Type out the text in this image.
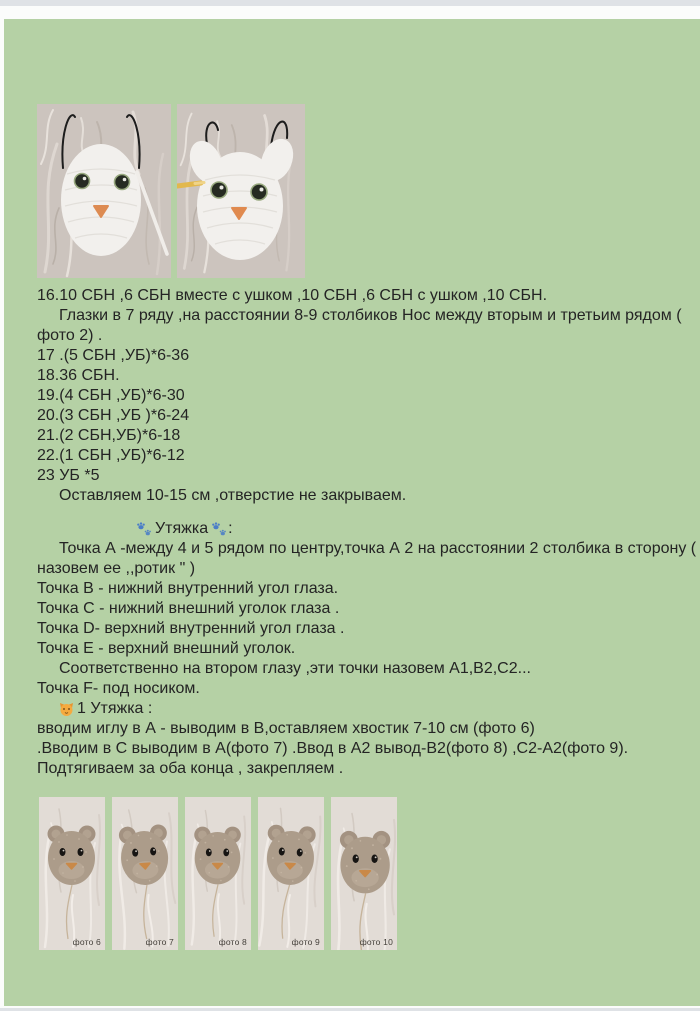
16.10 СБН ,6 СБН вместе с ушком ,10 СБН ,6 СБН с ушком ,10 СБН.
Глазки в 7 ряду ,на расстоянии 8-9 столбиков Нос между вторым и третьим рядом (
фото 2) .
17 .(5 СБН ,УБ)*6-36
18.36 СБН.
19.(4 СБН ,УБ)*6-30
20.(3 СБН ,УБ )*6-24
21.(2 СБН,УБ)*6-18
22.(1 СБН ,УБ)*6-12
23 УБ *5
Оставляем 10-15 см ,отверстие не закрываем.
Утяжка :
Точка А -между 4 и 5 рядом по центру,точка А 2 на расстоянии 2 столбика в сторону (
назовем ее ,,ротик " )
Точка В - нижний внутренний угол глаза.
Точка С - нижний внешний уголок глаза .
Точка D- верхний внутренний угол глаза .
Точка Е - верхний внешний уголок.
Соответственно на втором глазу ,эти точки назовем А1,В2,С2...
Точка F- под носиком.
1 Утяжка :
вводим иглу в А - выводим в В,оставляем хвостик 7-10 см (фото 6)
.Вводим в С выводим в А(фото 7) .Ввод в А2 вывод-В2(фото 8) ,С2-А2(фото 9).
Подтягиваем за оба конца , закрепляем .
фото 6	фото 7	фото 8	фото 9	фото 10
